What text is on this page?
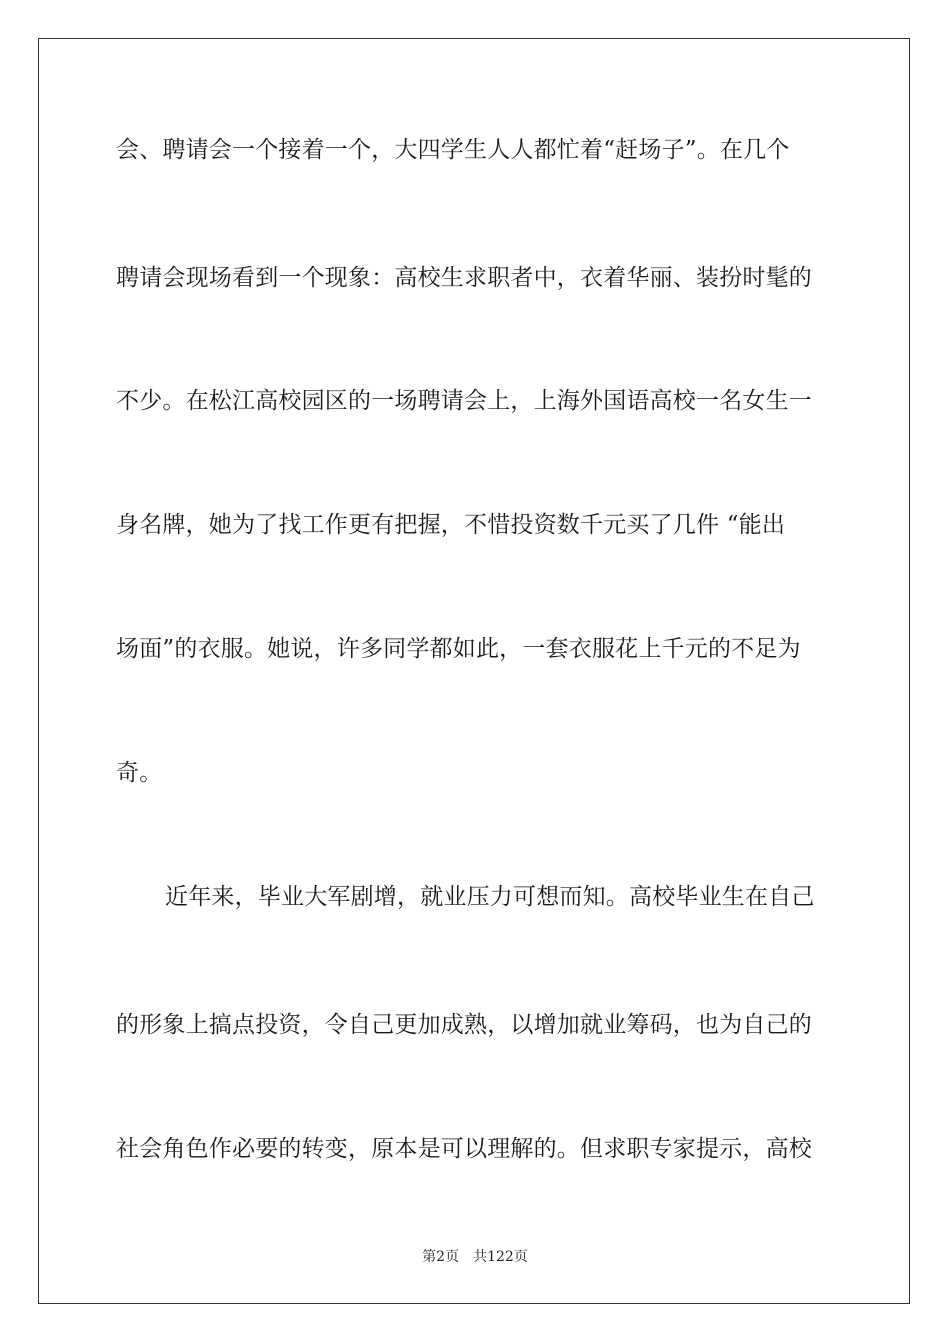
会、聘请会一个接着一个，大四学生人人都忙着“赶场子”。在几个
聘请会现场看到一个现象：高校生求职者中，衣着华丽、装扮时髦的
不少。在松江高校园区的一场聘请会上，上海外国语高校一名女生一
身名牌，她为了找工作更有把握，不惜投资数千元买了几件 “能出
场面”的衣服。她说，许多同学都如此，一套衣服花上千元的不足为
奇。
近年来，毕业大军剧增，就业压力可想而知。高校毕业生在自己
的形象上搞点投资，令自己更加成熟，以增加就业筹码，也为自己的
社会角色作必要的转变，原本是可以理解的。但求职专家提示，高校
第2页 共122页
